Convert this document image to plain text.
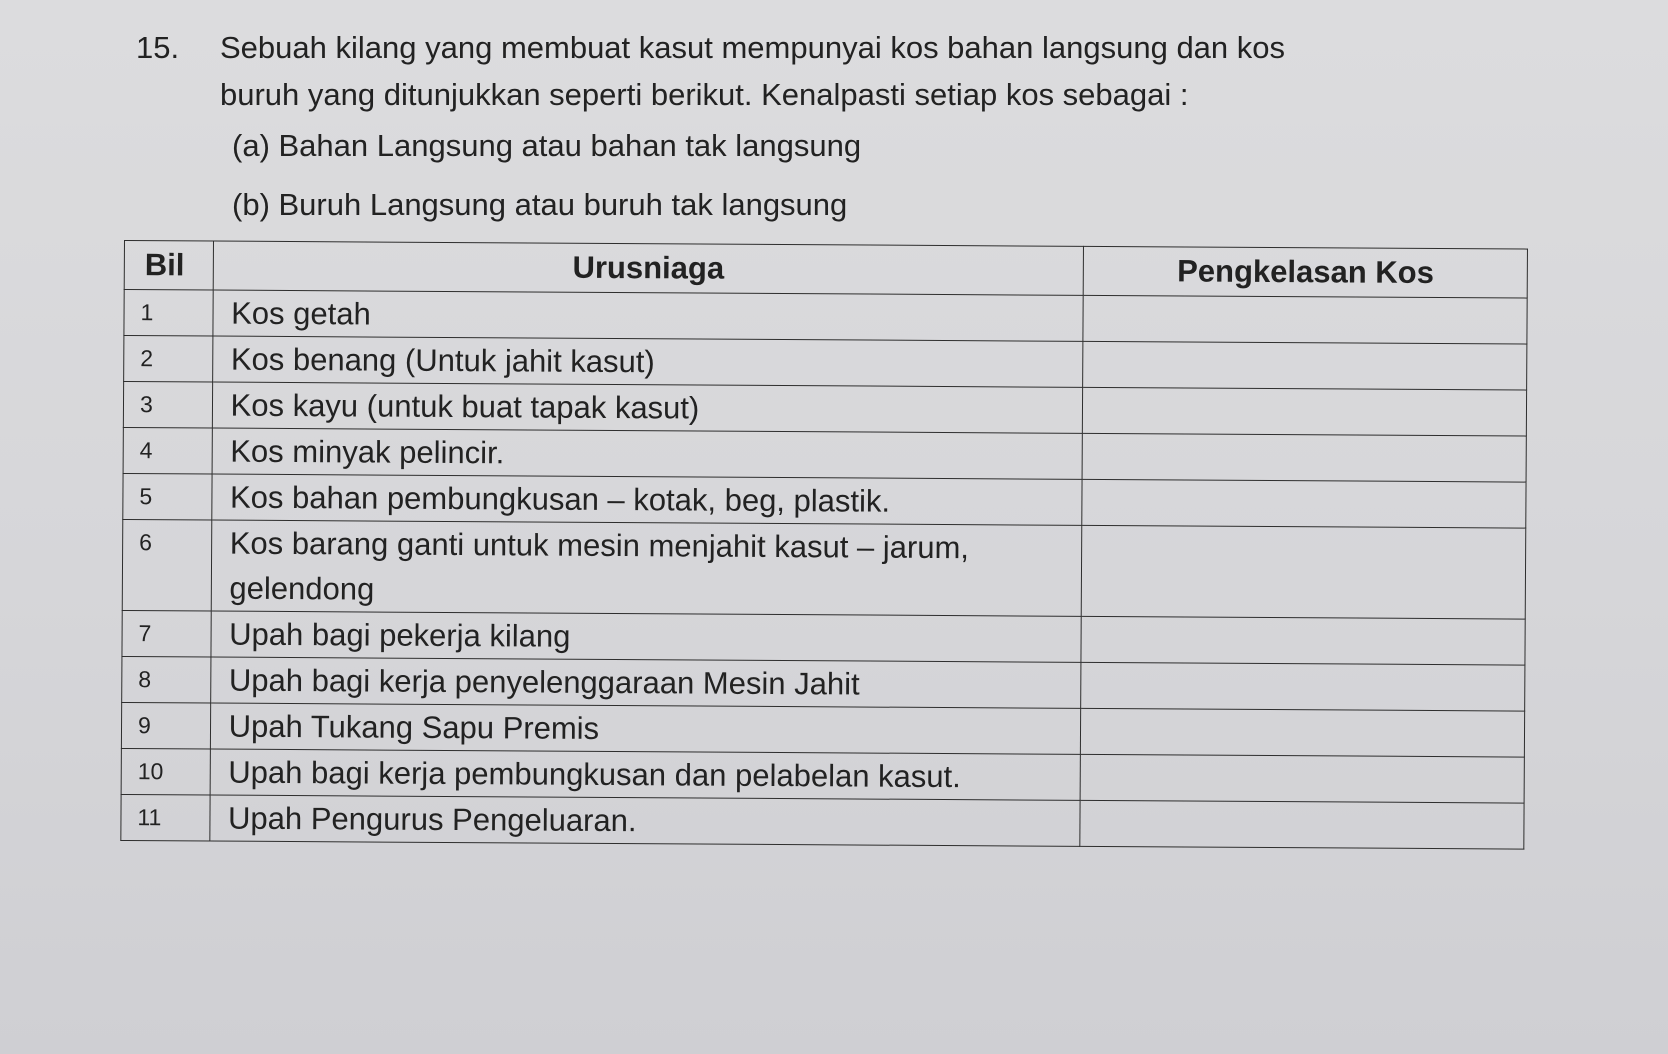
15.	Sebuah kilang yang membuat kasut mempunyai kos bahan langsung dan kos
buruh yang ditunjukkan seperti berikut. Kenalpasti setiap kos sebagai :
(a) Bahan Langsung atau bahan tak langsung
(b) Buruh Langsung atau buruh tak langsung
Bil	Urusniaga	Pengkelasan Kos
1	Kos getah	
2	Kos benang (Untuk jahit kasut)	
3	Kos kayu (untuk buat tapak kasut)	
4	Kos minyak pelincir.	
5	Kos bahan pembungkusan – kotak, beg, plastik.	
6	Kos barang ganti untuk mesin menjahit kasut – jarum, gelendong	
7	Upah bagi pekerja kilang	
8	Upah bagi kerja penyelenggaraan Mesin Jahit	
9	Upah Tukang Sapu Premis	
10	Upah bagi kerja pembungkusan dan pelabelan kasut.	
11	Upah Pengurus Pengeluaran.	
